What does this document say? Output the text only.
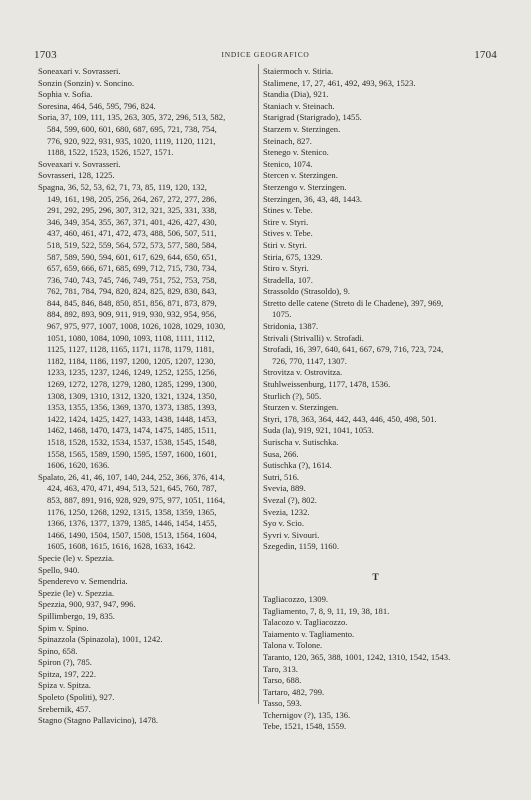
1703	INDICE GEOGRAFICO	1704
Soneaxari v. Sovrasseri.
Sonzin (Sonzin) v. Soncino.
Sophia v. Sofia.
Soresina, 464, 546, 595, 796, 824.
Soria, 37, 109, 111, 135, 263, 305, 372, 296, 513, 582,
584, 599, 600, 601, 680, 687, 695, 721, 738, 754,
776, 920, 922, 931, 935, 1020, 1119, 1120, 1121,
1188, 1522, 1523, 1526, 1527, 1571.
Soveaxari v. Sovrasseri.
Sovrasseri, 128, 1225.
Spagna, 36, 52, 53, 62, 71, 73, 85, 119, 120, 132,
149, 161, 198, 205, 256, 264, 267, 272, 277, 286,
291, 292, 295, 296, 307, 312, 321, 325, 331, 338,
346, 349, 354, 355, 367, 371, 401, 426, 427, 430,
437, 460, 461, 471, 472, 473, 488, 506, 507, 511,
518, 519, 522, 559, 564, 572, 573, 577, 580, 584,
587, 589, 590, 594, 601, 617, 629, 644, 650, 651,
657, 659, 666, 671, 685, 699, 712, 715, 730, 734,
736, 740, 743, 745, 746, 749, 751, 752, 753, 758,
762, 781, 784, 794, 820, 824, 825, 829, 830, 843,
844, 845, 846, 848, 850, 851, 856, 871, 873, 879,
884, 892, 893, 909, 911, 919, 930, 932, 954, 956,
967, 975, 977, 1007, 1008, 1026, 1028, 1029, 1030,
1051, 1080, 1084, 1090, 1093, 1108, 1111, 1112,
1125, 1127, 1128, 1165, 1171, 1178, 1179, 1181,
1182, 1184, 1186, 1197, 1200, 1205, 1207, 1230,
1233, 1235, 1237, 1246, 1249, 1252, 1255, 1256,
1269, 1272, 1278, 1279, 1280, 1285, 1299, 1300,
1308, 1309, 1310, 1312, 1320, 1321, 1324, 1350,
1353, 1355, 1356, 1369, 1370, 1373, 1385, 1393,
1422, 1424, 1425, 1427, 1433, 1438, 1448, 1453,
1462, 1468, 1470, 1473, 1474, 1475, 1485, 1511,
1518, 1528, 1532, 1534, 1537, 1538, 1545, 1548,
1558, 1565, 1589, 1590, 1595, 1597, 1600, 1601,
1606, 1620, 1636.
Spalato, 26, 41, 46, 107, 140, 244, 252, 366, 376, 414,
424, 463, 470, 471, 494, 513, 521, 645, 760, 787,
853, 887, 891, 916, 928, 929, 975, 977, 1051, 1164,
1176, 1250, 1268, 1292, 1315, 1358, 1359, 1365,
1366, 1376, 1377, 1379, 1385, 1446, 1454, 1455,
1466, 1490, 1504, 1507, 1508, 1513, 1564, 1604,
1605, 1608, 1615, 1616, 1628, 1633, 1642.
Specie (le) v. Spezzia.
Spello, 940.
Spenderevo v. Semendria.
Spezie (le) v. Spezzia.
Spezzia, 900, 937, 947, 996.
Spillimbergo, 19, 835.
Spim v. Spino.
Spinazzola (Spinazola), 1001, 1242.
Spino, 658.
Spiron (?), 785.
Spitza, 197, 222.
Spiza v. Spitza.
Spoleto (Spoliti), 927.
Srebernik, 457.
Stagno (Stagno Pallavicino), 1478.
Staiermoch v. Stiria.
Stalimene, 17, 27, 461, 492, 493, 963, 1523.
Standia (Dia), 921.
Staniach v. Steinach.
Starigrad (Starigrado), 1455.
Starzem v. Sterzingen.
Steinach, 827.
Stenego v. Stenico.
Stenico, 1074.
Stercen v. Sterzingen.
Sterzengo v. Sterzingen.
Sterzingen, 36, 43, 48, 1443.
Stines v. Tebe.
Stire v. Styri.
Stives v. Tebe.
Stiri v. Styri.
Stiria, 675, 1329.
Stiro v. Styri.
Stradella, 107.
Strassoldo (Strasoldo), 9.
Stretto delle catene (Streto di le Chadene), 397, 969,
1075.
Stridonia, 1387.
Strivali (Strivalli) v. Strofadi.
Strofadi, 16, 397, 640, 641, 667, 679, 716, 723, 724,
726, 770, 1147, 1307.
Strovitza v. Ostrovitza.
Stuhlweissenburg, 1177, 1478, 1536.
Sturlich (?), 505.
Sturzen v. Sterzingen.
Styri, 178, 363, 364, 442, 443, 446, 450, 498, 501.
Suda (la), 919, 921, 1041, 1053.
Surischa v. Sutischka.
Susa, 266.
Sutischka (?), 1614.
Sutri, 516.
Svevia, 889.
Svezal (?), 802.
Svezia, 1232.
Syo v. Scio.
Syvri v. Sivouri.
Szegedin, 1159, 1160.
T
Tagliacozzo, 1309.
Tagliamento, 7, 8, 9, 11, 19, 38, 181.
Talacozo v. Tagliacozzo.
Taiamento v. Tagliamento.
Talona v. Tolone.
Taranto, 120, 365, 388, 1001, 1242, 1310, 1542, 1543.
Taro, 313.
Tarso, 688.
Tartaro, 482, 799.
Tasso, 593.
Tchernigov (?), 135, 136.
Tebe, 1521, 1548, 1559.
